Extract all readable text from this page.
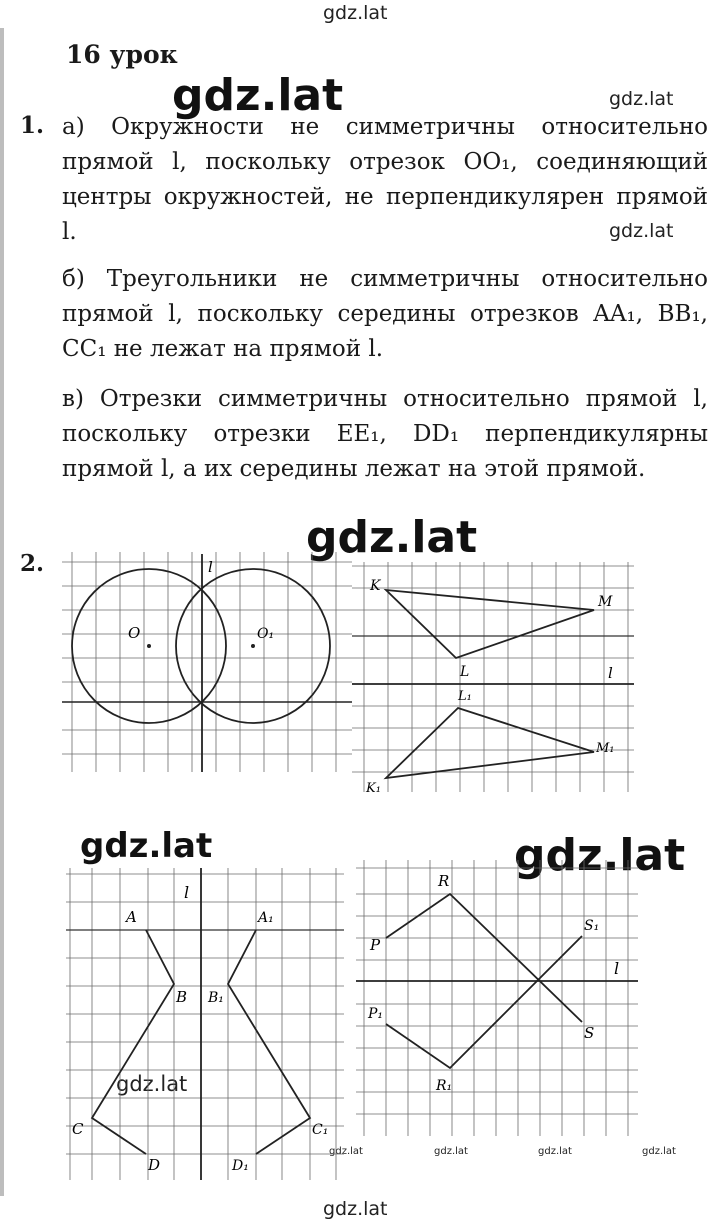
gdz.lat
gdz.lat	gdz.lat
gdz.lat
gdz.lat
gdz.lat	gdz.lat
gdz.lat
gdz.lat	gdz.lat	gdz.lat	gdz.lat
gdz.lat
16 урок
1. а) Окружности не симметричны относительно прямой l, поскольку отрезок OO₁, соединяющий центры окружностей, не перпендикулярен прямой l.

б) Треугольники не симметричны относительно прямой l, поскольку середины отрезков AA₁, BB₁, CC₁ не лежат на прямой l.

в) Отрезки симметричны относительно прямой l, поскольку отрезки EE₁, DD₁ перпендикулярны прямой l, а их середины лежат на этой прямой.

2.	l
O	O₁
K
M
L	l
L₁
M₁
K₁
A
B
C
D
l
A₁
B₁
C₁
D₁
R
P
S₁
l
P₁
S
R₁
